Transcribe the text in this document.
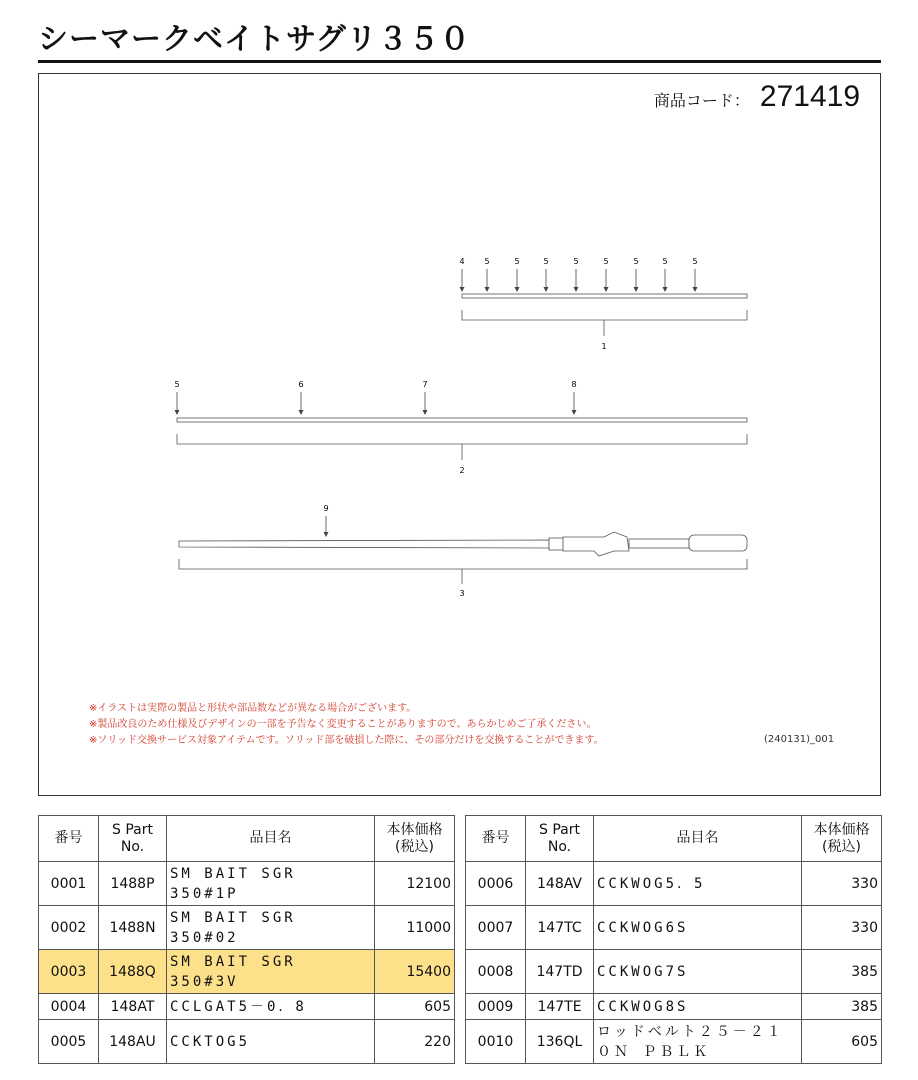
シーマークベイトサグリ３５０
商品コード： 271419
1
4 5	5	5	5	5	5	5	5
2
5	6	7	8
3
9
※イラストは実際の製品と形状や部品数などが異なる場合がございます。
※製品改良のため仕様及びデザインの一部を予告なく変更することがありますので、あらかじめご了承ください。
※ソリッド交換サービス対象アイテムです。ソリッド部を破損した際に、その部分だけを交換することができます。	(240131)_001
番号	S Part No.	品目名	本体価格 (税込)
0001	1488P	SM BAIT SGR 350#1P	12100
0002	1488N	SM BAIT SGR 350#02	11000
0003	1488Q	SM BAIT SGR 350#3V	15400
0004	148AT	CCLGAT5－0．8	605
0005	148AU	CCKTOG5	220
番号	S Part No.	品目名	本体価格 (税込)
0006	148AV	CCKWOG5．5	330
0007	147TC	CCKWOG6S	330
0008	147TD	CCKWOG7S	385
0009	147TE	CCKWOG8S	385
0010	136QL	ロッドベルト２５－２１０Ｎ ＰＢＬＫ	605
